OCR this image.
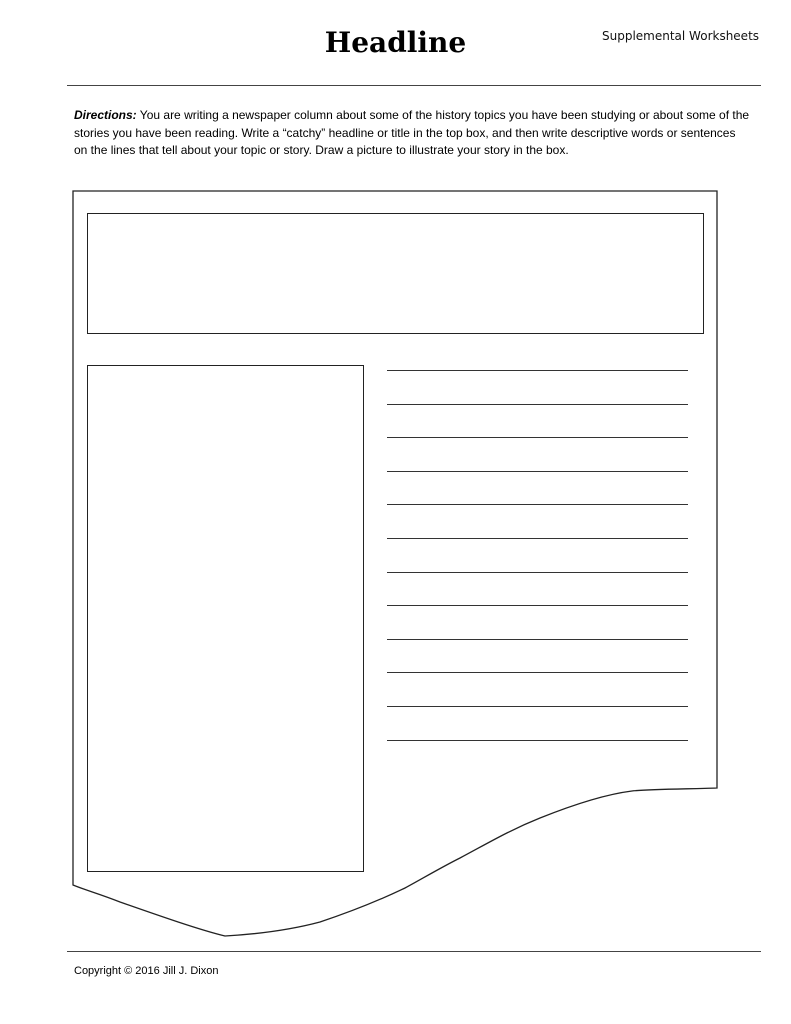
Supplemental Worksheets
Headline
Directions: You are writing a newspaper column about some of the history topics you have been studying or about some of the stories you have been reading. Write a “catchy” headline or title in the top box, and then write descriptive words or sentences on the lines that tell about your topic or story. Draw a picture to illustrate your story in the box.
Copyright © 2016 Jill J. Dixon
